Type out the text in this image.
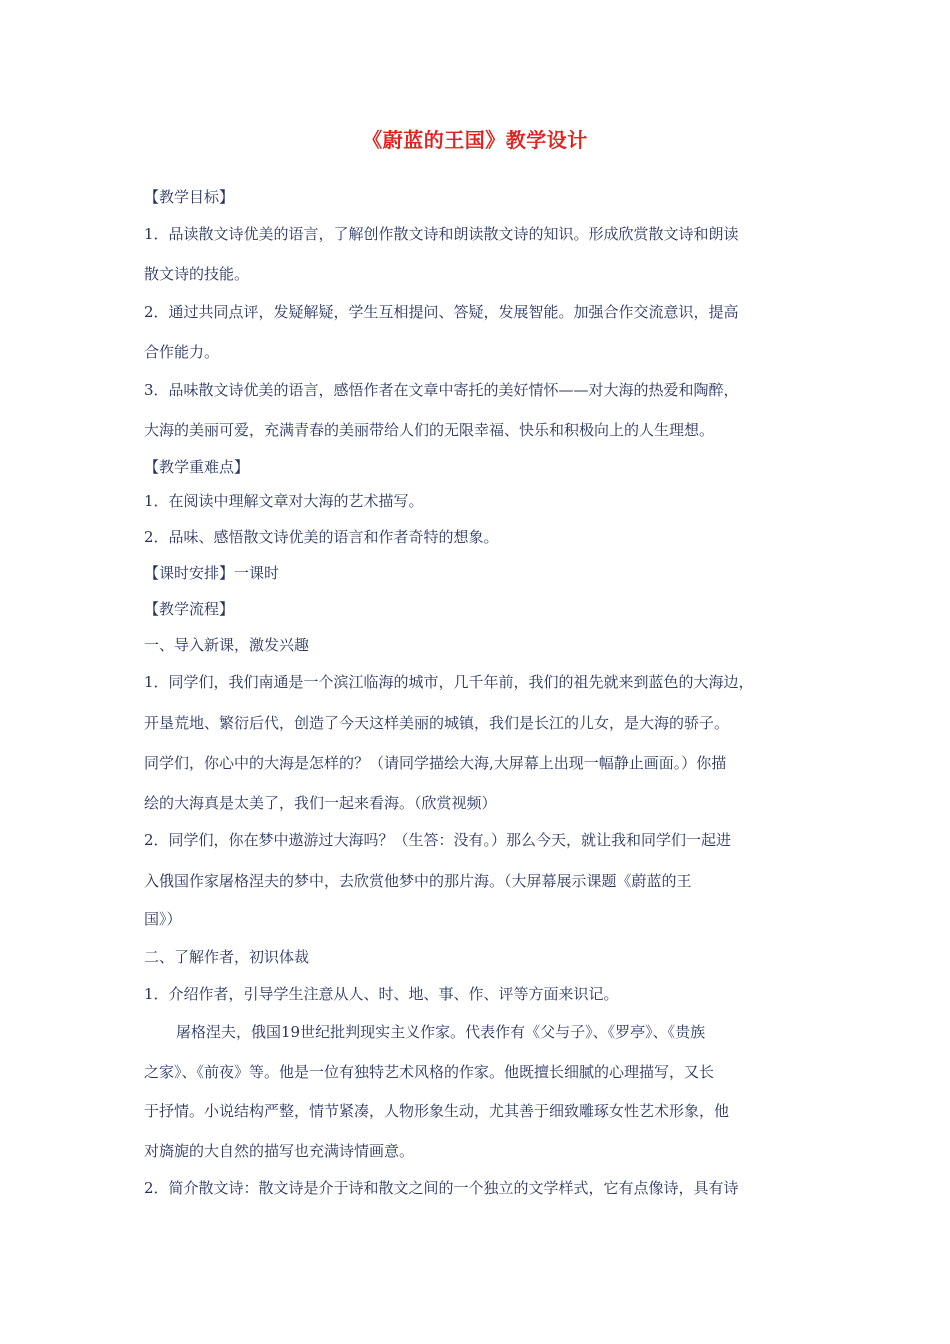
《蔚蓝的王国》教学设计
【教学目标】
1．品读散文诗优美的语言，了解创作散文诗和朗读散文诗的知识。形成欣赏散文诗和朗读
散文诗的技能。
2．通过共同点评，发疑解疑，学生互相提问、答疑，发展智能。加强合作交流意识，提高
合作能力。
3．品味散文诗优美的语言，感悟作者在文章中寄托的美好情怀——对大海的热爱和陶醉，
大海的美丽可爱，充满青春的美丽带给人们的无限幸福、快乐和积极向上的人生理想。
【教学重难点】
1．在阅读中理解文章对大海的艺术描写。
2．品味、感悟散文诗优美的语言和作者奇特的想象。
【课时安排】一课时
【教学流程】
一、导入新课，激发兴趣
1．同学们，我们南通是一个滨江临海的城市，几千年前，我们的祖先就来到蓝色的大海边，
开垦荒地、繁衍后代，创造了今天这样美丽的城镇，我们是长江的儿女，是大海的骄子。
同学们，你心中的大海是怎样的？（请同学描绘大海,大屏幕上出现一幅静止画面。）你描
绘的大海真是太美了，我们一起来看海。（欣赏视频）
2．同学们，你在梦中遨游过大海吗？（生答：没有。）那么今天，就让我和同学们一起进
入俄国作家屠格涅夫的梦中，去欣赏他梦中的那片海。（大屏幕展示课题《蔚蓝的王
国》）
二、了解作者，初识体裁
1．介绍作者，引导学生注意从人、时、地、事、作、评等方面来识记。
屠格涅夫，俄国19世纪批判现实主义作家。代表作有《父与子》、《罗亭》、《贵族
之家》、《前夜》等。他是一位有独特艺术风格的作家。他既擅长细腻的心理描写，又长
于抒情。小说结构严整，情节紧凑，人物形象生动，尤其善于细致雕琢女性艺术形象，他
对旖旎的大自然的描写也充满诗情画意。
2．简介散文诗：散文诗是介于诗和散文之间的一个独立的文学样式，它有点像诗，具有诗
